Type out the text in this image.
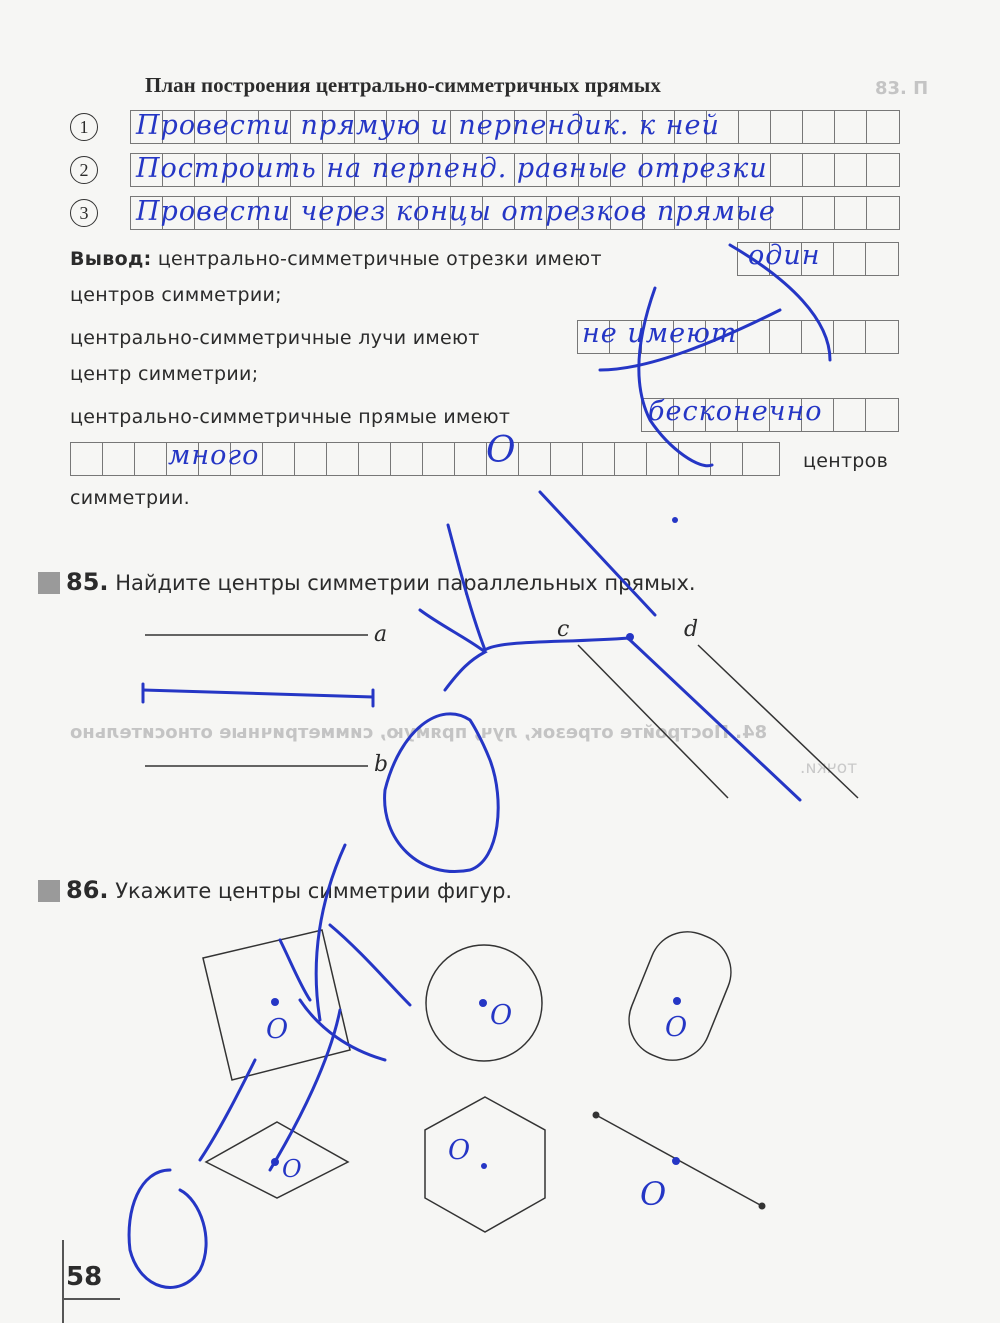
83. П
84. Постройте отрезок, луч, прямую, симметричные относительно
точки.
План построения центрально-симметричных прямых
1	Провести прямую и перпендик. к ней
2	Построить на перпенд. равные отрезки
3	Провести через концы отрезков прямые
Вывод: центрально-симметричные отрезки имеют	один
центров симметрии;
центрально-симметричные лучи имеют	не имеют
центр симметрии;
центрально-симметричные прямые имеют	бесконечно
много	центров
симметрии.
85. Найдите центры симметрии параллельных прямых.
a
b
c	d
O
86. Укажите центры симметрии фигур.
O	O	O
O
O
O
58
